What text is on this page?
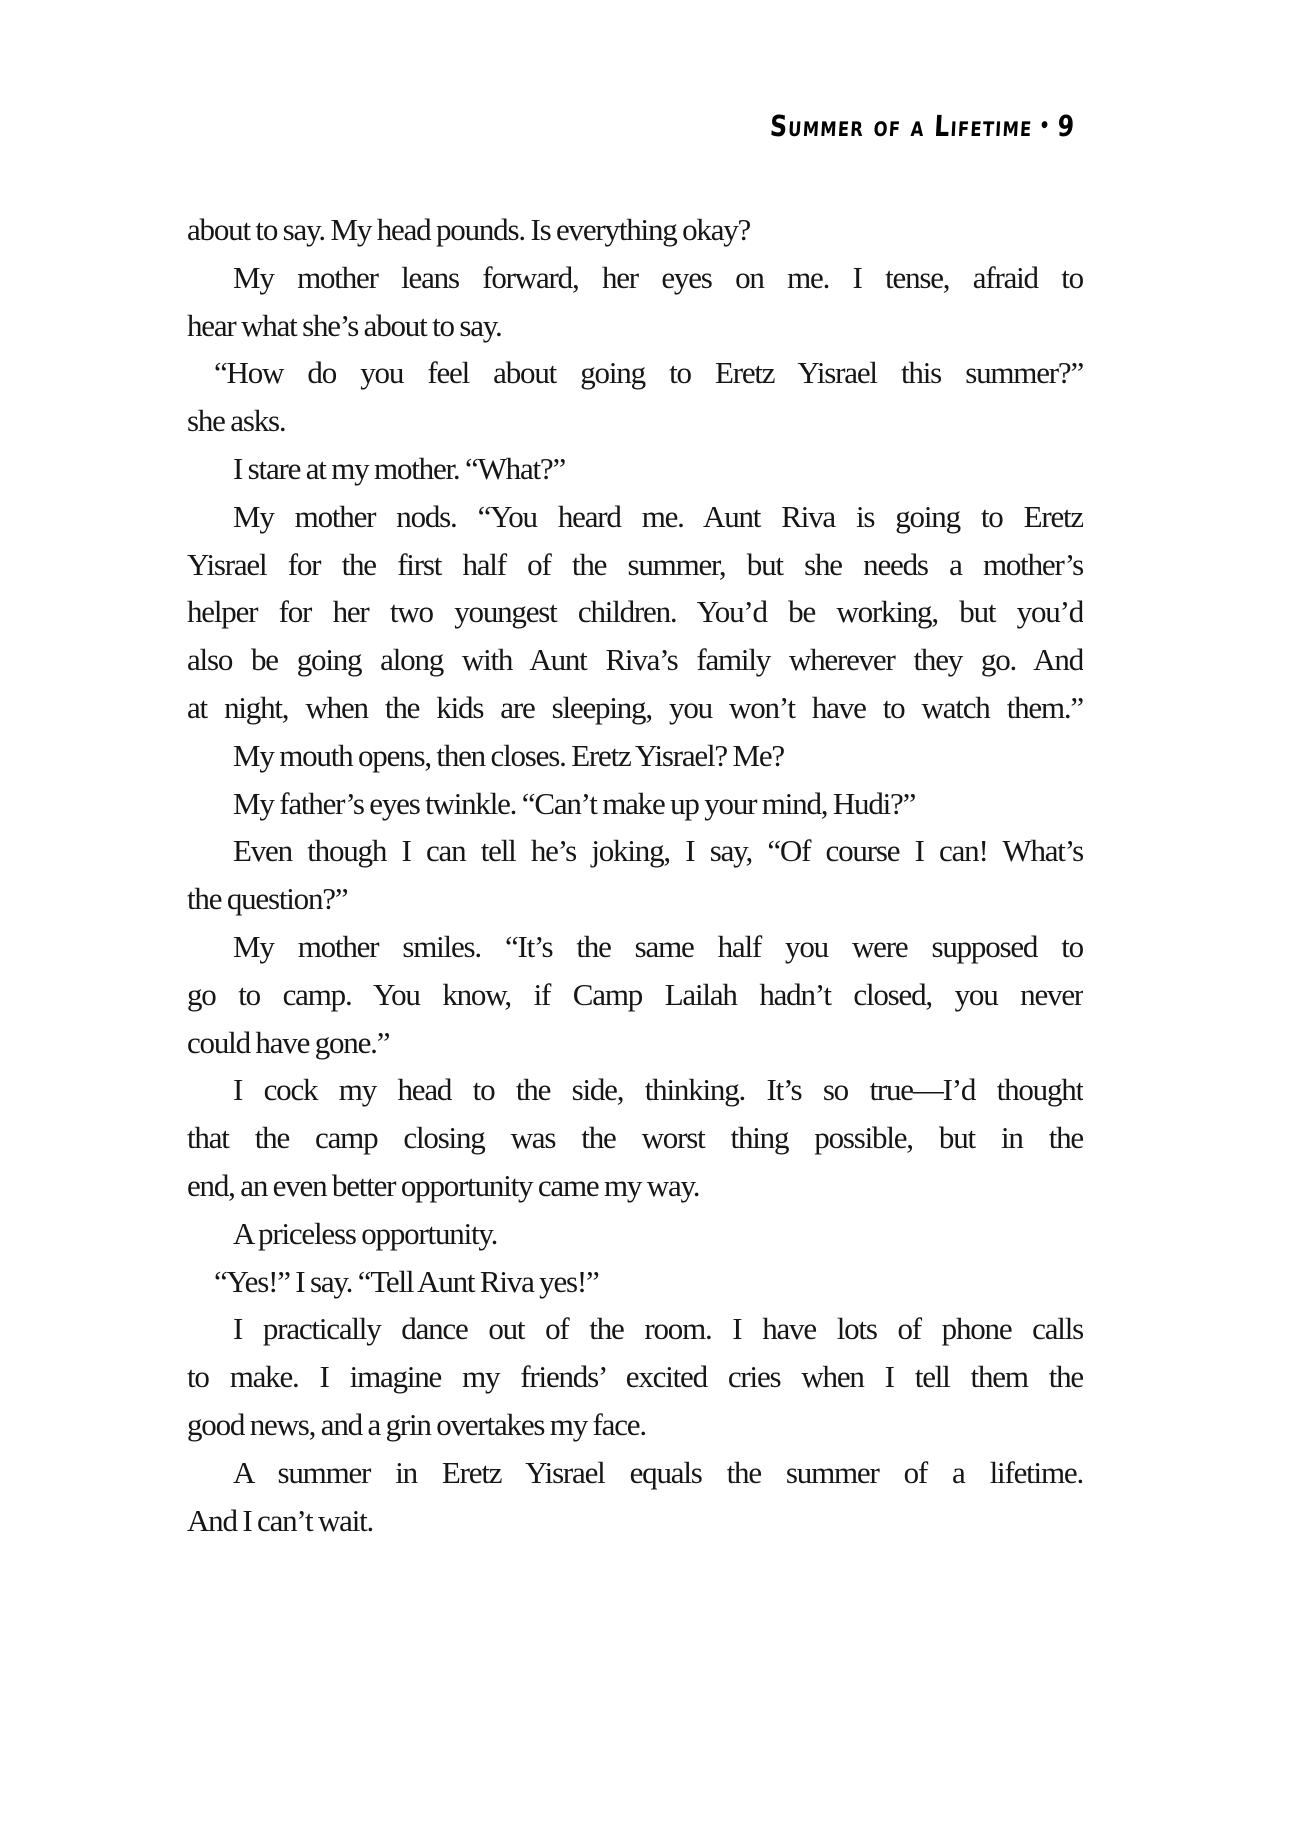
Summer of a Lifetime • 9
about to say. My head pounds. Is everything okay?
My mother leans forward, her eyes on me. I tense, afraid to
hear what she’s about to say.
“How do you feel about going to Eretz Yisrael this summer?”
she asks.
I stare at my mother. “What?”
My mother nods. “You heard me. Aunt Riva is going to Eretz
Yisrael for the first half of the summer, but she needs a mother’s
helper for her two youngest children. You’d be working, but you’d
also be going along with Aunt Riva’s family wherever they go. And
at night, when the kids are sleeping, you won’t have to watch them.”
My mouth opens, then closes. Eretz Yisrael? Me?
My father’s eyes twinkle. “Can’t make up your mind, Hudi?”
Even though I can tell he’s joking, I say, “Of course I can! What’s
the question?”
My mother smiles. “It’s the same half you were supposed to
go to camp. You know, if Camp Lailah hadn’t closed, you never
could have gone.”
I cock my head to the side, thinking. It’s so true—I’d thought
that the camp closing was the worst thing possible, but in the
end, an even better opportunity came my way.
A priceless opportunity.
“Yes!” I say. “Tell Aunt Riva yes!”
I practically dance out of the room. I have lots of phone calls
to make. I imagine my friends’ excited cries when I tell them the
good news, and a grin overtakes my face.
A summer in Eretz Yisrael equals the summer of a lifetime.
And I can’t wait.
